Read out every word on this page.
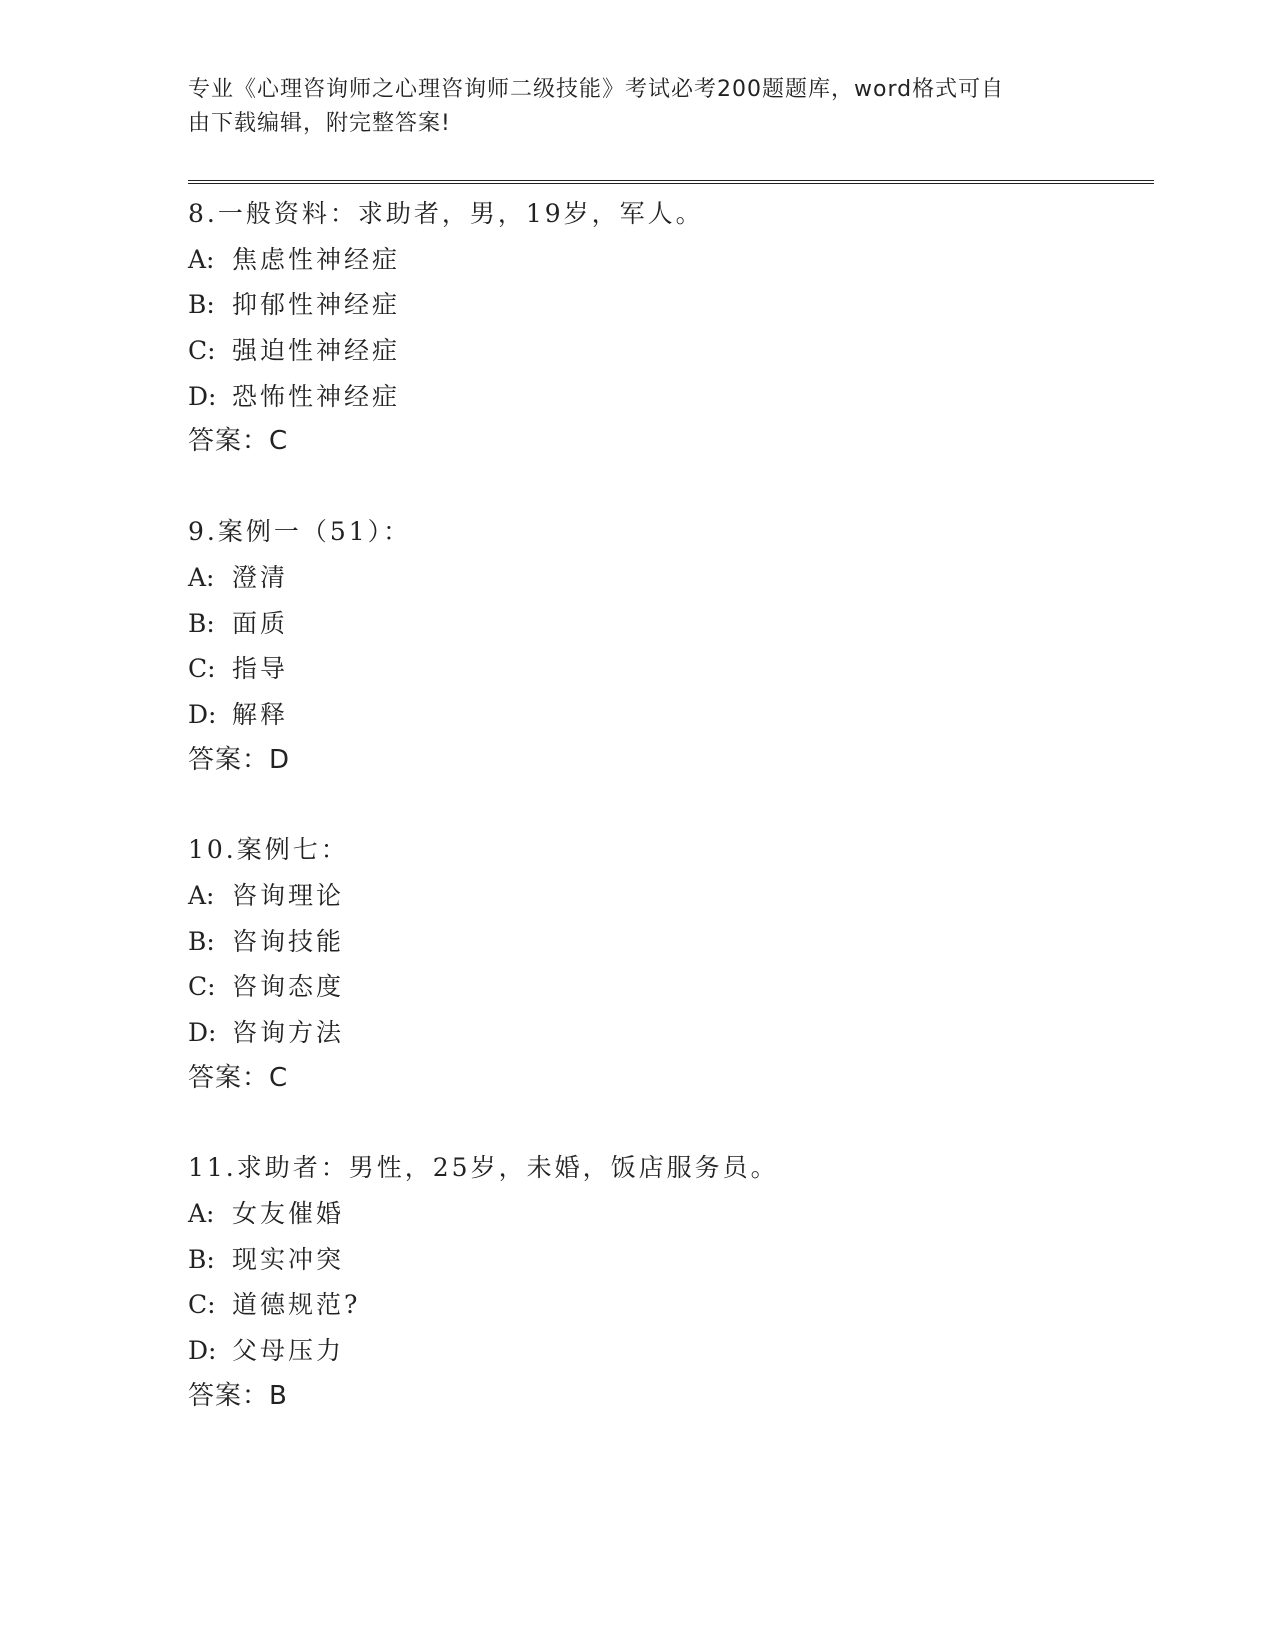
专业《心理咨询师之心理咨询师二级技能》考试必考200题题库，word格式可自
由下载编辑，附完整答案!
8.一般资料：求助者，男，19岁，军人。
A: 焦虑性神经症
B: 抑郁性神经症
C: 强迫性神经症
D: 恐怖性神经症
答案：C
9.案例一（51）：
A: 澄清
B: 面质
C: 指导
D: 解释
答案：D
10.案例七：
A: 咨询理论
B: 咨询技能
C: 咨询态度
D: 咨询方法
答案：C
11.求助者：男性，25岁，未婚，饭店服务员。
A: 女友催婚
B: 现实冲突
C: 道德规范?
D: 父母压力
答案：B
